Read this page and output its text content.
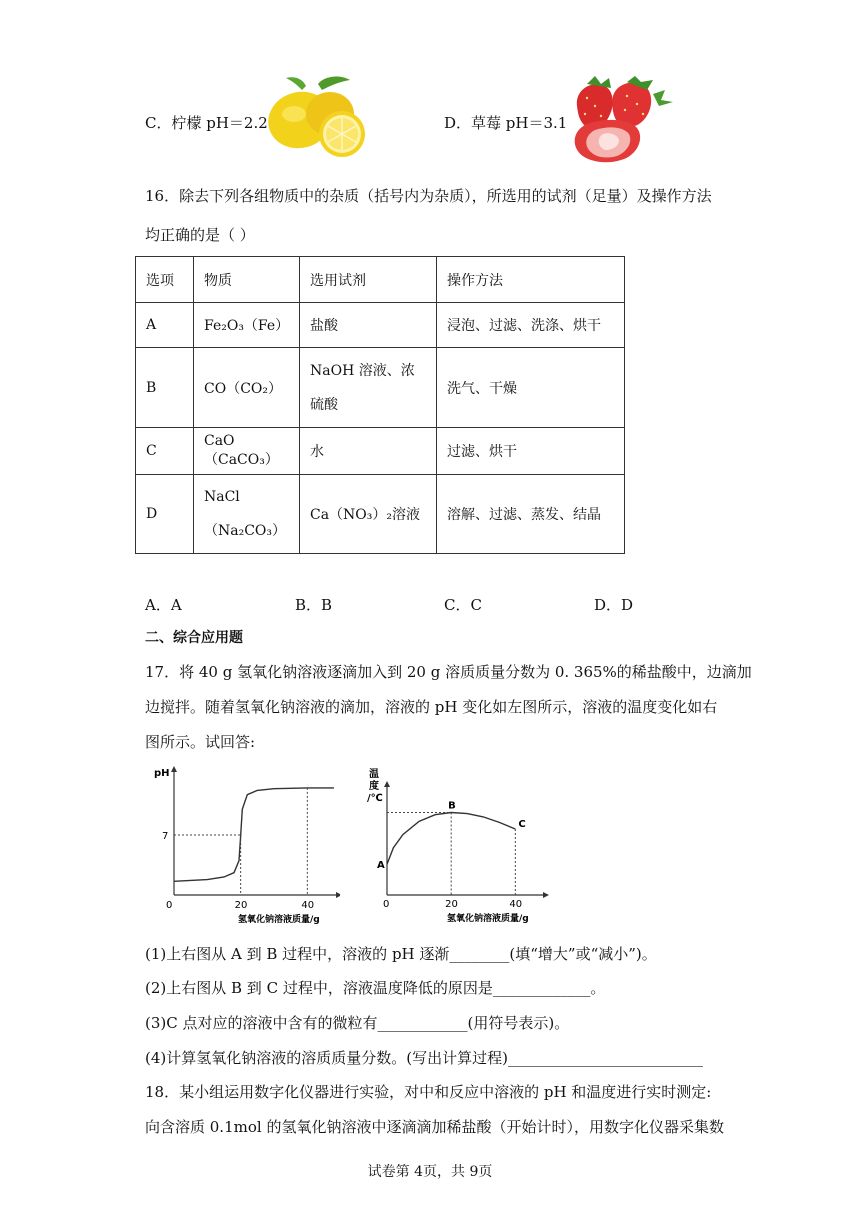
C．柠檬 pH＝2.2	D．草莓 pH＝3.1
16．除去下列各组物质中的杂质（括号内为杂质），所选用的试剂（足量）及操作方法
均正确的是（ ）
选项	物质	选用试剂	操作方法
A	Fe₂O₃（Fe）	盐酸	浸泡、过滤、洗涤、烘干
B	CO（CO₂）	NaOH 溶液、浓硫酸	洗气、干燥
C	CaO（CaCO₃）	水	过滤、烘干
D	NaCl（Na₂CO₃）	Ca（NO₃）₂溶液	溶解、过滤、蒸发、结晶
A．A	B．B	C．C	D．D
二、综合应用题
17．将 40 g 氢氧化钠溶液逐滴加入到 20 g 溶质质量分数为 0. 365%的稀盐酸中，边滴加
边搅拌。随着氢氧化钠溶液的滴加，溶液的 pH 变化如左图所示，溶液的温度变化如右
图所示。试回答:
pH
7
0	20	40
氢氧化钠溶液质量/g
温度/℃
0	20	40
氢氧化钠溶液质量/g
A
B
C
(1)上右图从 A 到 B 过程中，溶液的 pH 逐渐________(填“增大”或“减小”)。
(2)上右图从 B 到 C 过程中，溶液温度降低的原因是_____________。
(3)C 点对应的溶液中含有的微粒有____________(用符号表示)。
(4)计算氢氧化钠溶液的溶质质量分数。(写出计算过程)__________________________
18．某小组运用数字化仪器进行实验，对中和反应中溶液的 pH 和温度进行实时测定:
向含溶质 0.1mol 的氢氧化钠溶液中逐滴滴加稀盐酸（开始计时），用数字化仪器采集数
试卷第 4页，共 9页
